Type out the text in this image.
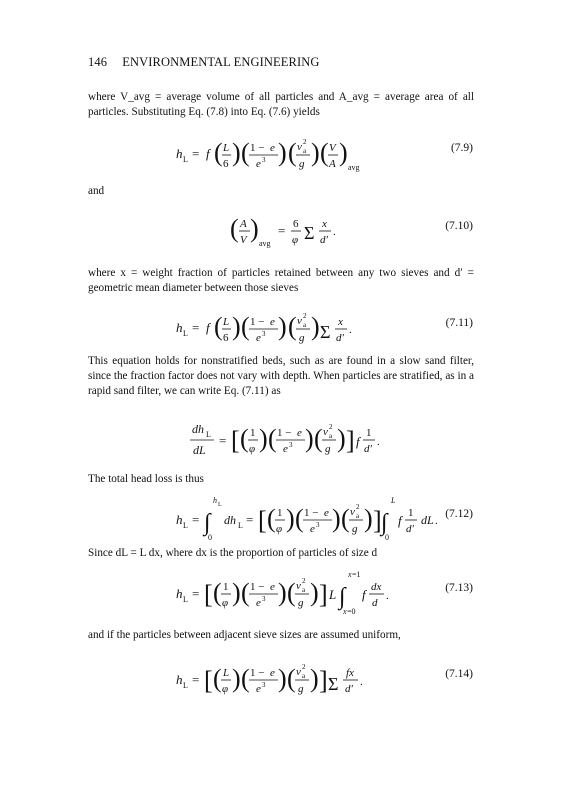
146 ENVIRONMENTAL ENGINEERING
where V_avg = average volume of all particles and A_avg = average area of all particles. Substituting Eq. (7.8) into Eq. (7.6) yields
h L = f ( L
6 ) ( 1 − e
e 3 ) ( v 2
a
g ) ( V
A )
avg
(7.9)
and
( A
V )
avg
= 6
φ Σ x
d′
.	(7.10)
where x = weight fraction of particles retained between any two sieves and d′ = geometric mean diameter between those sieves
h L = f ( L
6 ) ( 1 − e
e 3 ) ( v 2
a
g ) Σ x
d′
.
(7.11)
This equation holds for nonstratified beds, such as are found in a slow sand filter, since the fraction factor does not vary with depth. When particles are stratified, as in a rapid sand filter, we can write Eq. (7.11) as
dh L
dL
= [ ( 1
φ ) ( 1 − e
e 3 ) ( v 2
a
g ) ] f
1
d′
.
The total head loss is thus
h L = ∫
h L
0
dh L = [ ( 1
φ ) ( 1 − e
e 3 ) ( v 2
a
g ) ] ∫
L
0
f 1
d′
dL .
(7.12)
Since dL = L dx, where dx is the proportion of particles of size d
h L = [ ( 1
φ ) ( 1 − e
e 3 ) ( v 2
a
g ) ] L ∫
x =1
x =0
f dx
d
.
(7.13)
and if the particles between adjacent sieve sizes are assumed uniform,
h L = [ ( L
φ ) ( 1 − e
e 3 ) ( v 2
a
g ) ] Σ
fx
d′
.
(7.14)
